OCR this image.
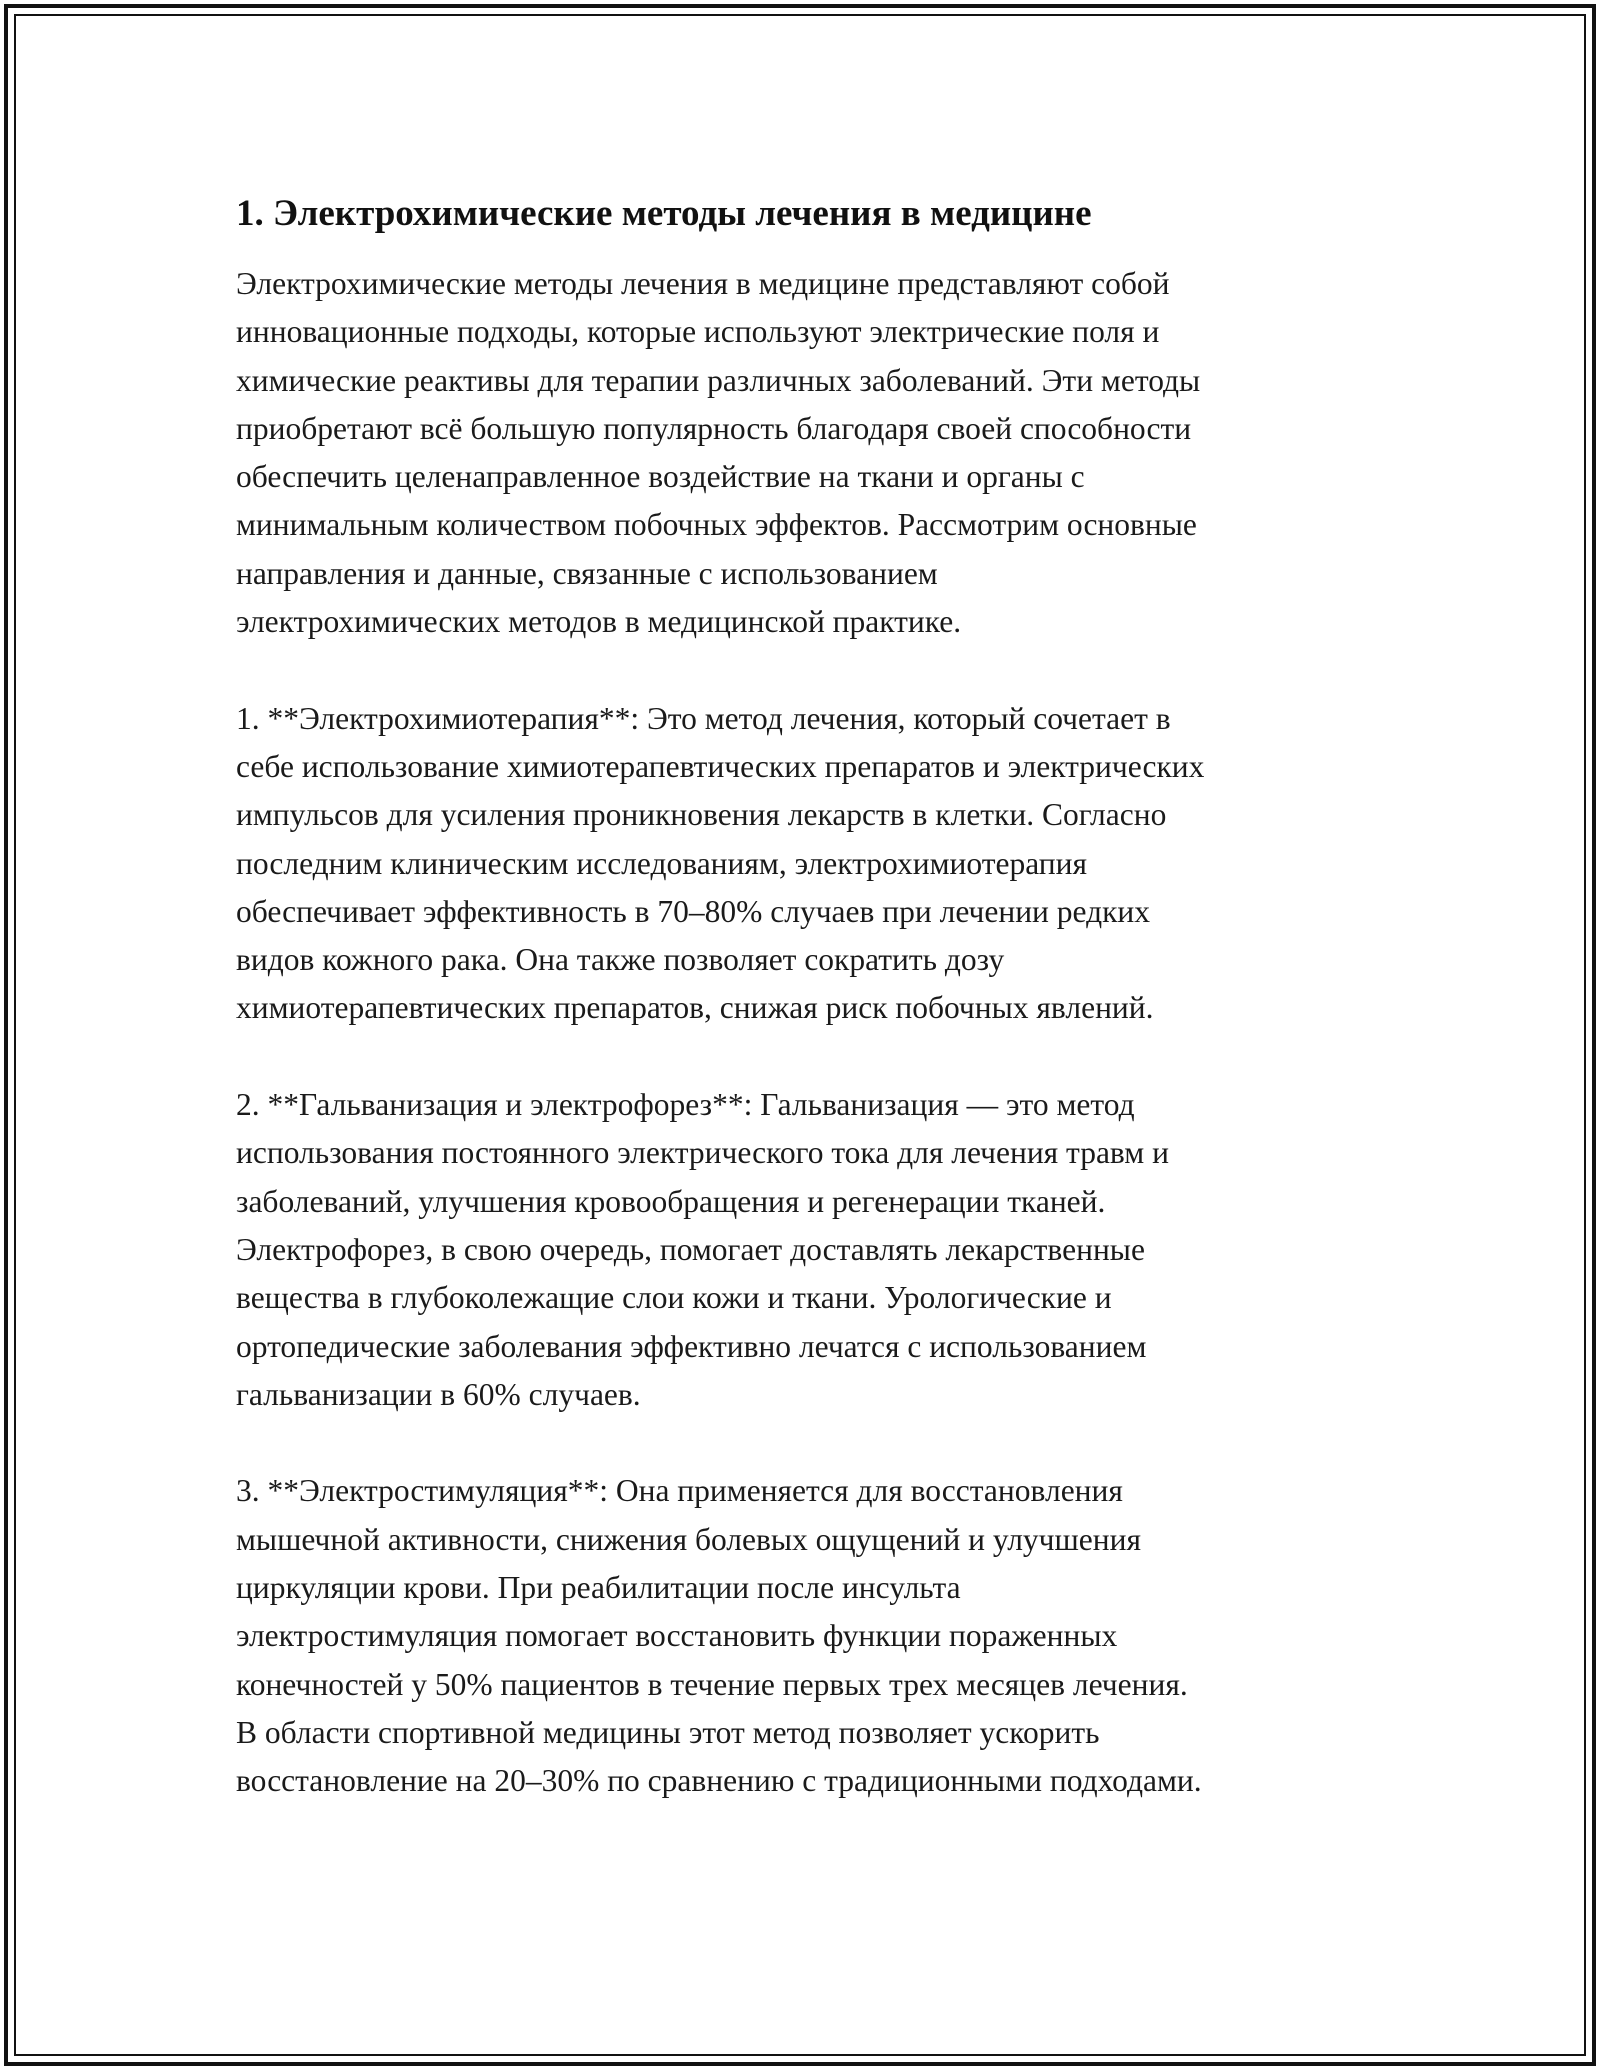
1. Электрохимические методы лечения в медицине

Электрохимические методы лечения в медицине представляют собой
инновационные подходы, которые используют электрические поля и
химические реактивы для терапии различных заболеваний. Эти методы
приобретают всё большую популярность благодаря своей способности
обеспечить целенаправленное воздействие на ткани и органы с
минимальным количеством побочных эффектов. Рассмотрим основные
направления и данные, связанные с использованием
электрохимических методов в медицинской практике.

1. **Электрохимиотерапия**: Это метод лечения, который сочетает в
себе использование химиотерапевтических препаратов и электрических
импульсов для усиления проникновения лекарств в клетки. Согласно
последним клиническим исследованиям, электрохимиотерапия
обеспечивает эффективность в 70–80% случаев при лечении редких
видов кожного рака. Она также позволяет сократить дозу
химиотерапевтических препаратов, снижая риск побочных явлений.

2. **Гальванизация и электрофорез**: Гальванизация — это метод
использования постоянного электрического тока для лечения травм и
заболеваний, улучшения кровообращения и регенерации тканей.
Электрофорез, в свою очередь, помогает доставлять лекарственные
вещества в глубоколежащие слои кожи и ткани. Урологические и
ортопедические заболевания эффективно лечатся с использованием
гальванизации в 60% случаев.

3. **Электростимуляция**: Она применяется для восстановления
мышечной активности, снижения болевых ощущений и улучшения
циркуляции крови. При реабилитации после инсульта
электростимуляция помогает восстановить функции пораженных
конечностей у 50% пациентов в течение первых трех месяцев лечения.
В области спортивной медицины этот метод позволяет ускорить
восстановление на 20–30% по сравнению с традиционными подходами.
